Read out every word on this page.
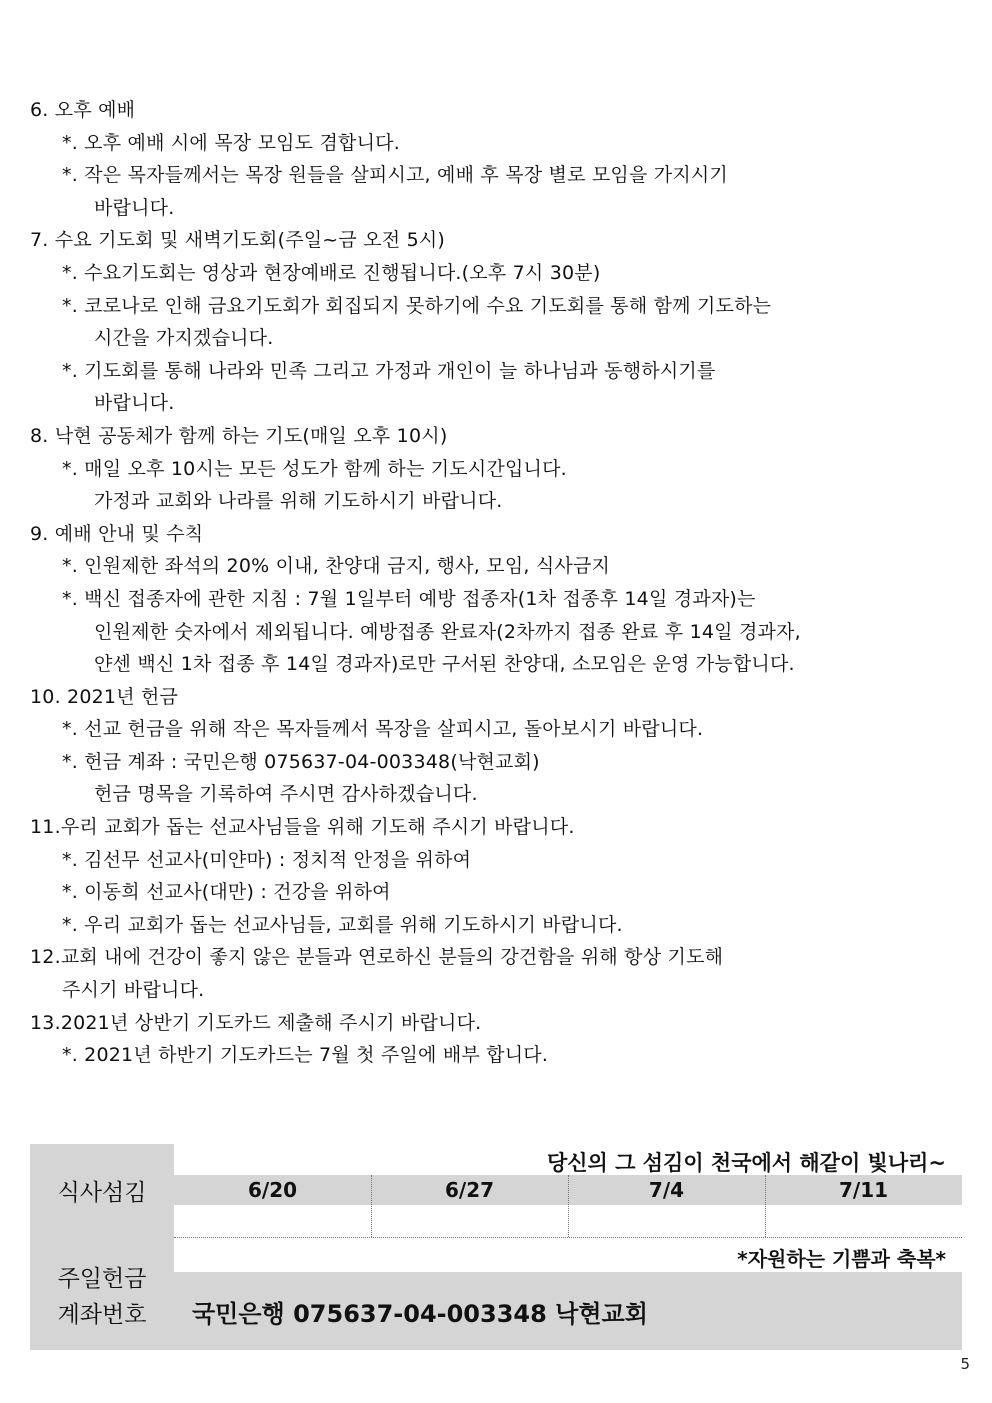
6. 오후 예배
*. 오후 예배 시에 목장 모임도 겸합니다.
*. 작은 목자들께서는 목장 원들을 살피시고, 예배 후 목장 별로 모임을 가지시기
바랍니다.
7. 수요 기도회 및 새벽기도회(주일~금 오전 5시)
*. 수요기도회는 영상과 현장예배로 진행됩니다.(오후 7시 30분)
*. 코로나로 인해 금요기도회가 회집되지 못하기에 수요 기도회를 통해 함께 기도하는
시간을 가지겠습니다.
*. 기도회를 통해 나라와 민족 그리고 가정과 개인이 늘 하나님과 동행하시기를
바랍니다.
8. 낙현 공동체가 함께 하는 기도(매일 오후 10시)
*. 매일 오후 10시는 모든 성도가 함께 하는 기도시간입니다.
가정과 교회와 나라를 위해 기도하시기 바랍니다.
9. 예배 안내 및 수칙
*. 인원제한 좌석의 20% 이내, 찬양대 금지, 행사, 모임, 식사금지
*. 백신 접종자에 관한 지침 : 7월 1일부터 예방 접종자(1차 접종후 14일 경과자)는
인원제한 숫자에서 제외됩니다. 예방접종 완료자(2차까지 접종 완료 후 14일 경과자,
얀센 백신 1차 접종 후 14일 경과자)로만 구서된 찬양대, 소모임은 운영 가능합니다.
10. 2021년 헌금
*. 선교 헌금을 위해 작은 목자들께서 목장을 살피시고, 돌아보시기 바랍니다.
*. 헌금 계좌 : 국민은행 075637-04-003348(낙현교회)
헌금 명목을 기록하여 주시면 감사하겠습니다.
11.우리 교회가 돕는 선교사님들을 위해 기도해 주시기 바랍니다.
*. 김선무 선교사(미얀마) : 정치적 안정을 위하여
*. 이동희 선교사(대만) : 건강을 위하여
*. 우리 교회가 돕는 선교사님들, 교회를 위해 기도하시기 바랍니다.
12.교회 내에 건강이 좋지 않은 분들과 연로하신 분들의 강건함을 위해 항상 기도해
주시기 바랍니다.
13.2021년 상반기 기도카드 제출해 주시기 바랍니다.
*. 2021년 하반기 기도카드는 7월 첫 주일에 배부 합니다.
식사섬김
주일헌금
계좌번호
당신의 그 섬김이 천국에서 해같이 빛나리~
6/20	6/27	7/4	7/11
*자원하는 기쁨과 축복*
국민은행 075637-04-003348 낙현교회
5
